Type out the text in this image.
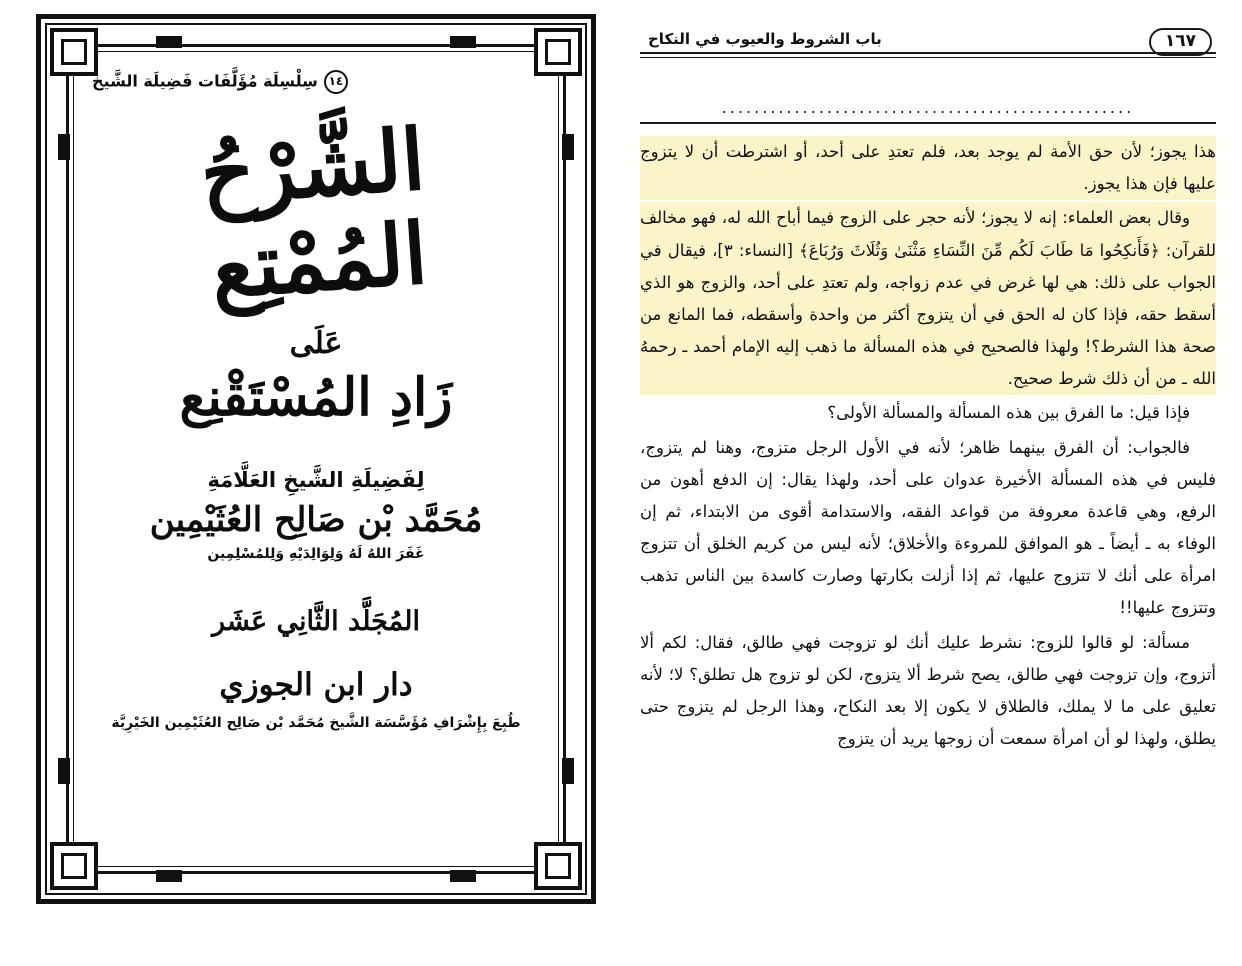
باب الشروط والعيوب في النكاح	١٦٧
...................................................

هذا يجوز؛ لأن حق الأمة لم يوجد بعد، فلم تعتدِ على أحد، أو اشترطت أن لا يتزوج عليها فإن هذا يجوز.

وقال بعض العلماء: إنه لا يجوز؛ لأنه حجر على الزوج فيما أباح الله له، فهو مخالف للقرآن: ﴿فَأَنكِحُوا مَا طَابَ لَكُم مِّنَ النِّسَاءِ مَثْنَىٰ وَثُلَاثَ وَرُبَاعَ﴾ [النساء: ٣]، فيقال في الجواب على ذلك: هي لها غرض في عدم زواجه، ولم تعتدِ على أحد، والزوج هو الذي أسقط حقه، فإذا كان له الحق في أن يتزوج أكثر من واحدة وأسقطه، فما المانع من صحة هذا الشرط؟! ولهذا فالصحيح في هذه المسألة ما ذهب إليه الإمام أحمد ـ رحمهُ الله ـ من أن ذلك شرط صحيح.

فإذا قيل: ما الفرق بين هذه المسألة والمسألة الأولى؟

فالجواب: أن الفرق بينهما ظاهر؛ لأنه في الأول الرجل متزوج، وهنا لم يتزوج، فليس في هذه المسألة الأخيرة عدوان على أحد، ولهذا يقال: إن الدفع أهون من الرفع، وهي قاعدة معروفة من قواعد الفقه، والاستدامة أقوى من الابتداء، ثم إن الوفاء به ـ أيضاً ـ هو الموافق للمروءة والأخلاق؛ لأنه ليس من كريم الخلق أن تتزوج امرأة على أنك لا تتزوج عليها، ثم إذا أزلت بكارتها وصارت كاسدة بين الناس تذهب وتتزوج عليها!!

مسألة: لو قالوا للزوج: نشرط عليك أنك لو تزوجت فهي طالق، فقال: لكم ألا أتزوج، وإن تزوجت فهي طالق، يصح شرط ألا يتزوج، لكن لو تزوج هل تطلق؟ لا؛ لأنه تعليق على ما لا يملك، فالطلاق لا يكون إلا بعد النكاح، وهذا الرجل لم يتزوج حتى يطلق، ولهذا لو أن امرأة سمعت أن زوجها يريد أن يتزوج

١٤سِلْسِلَة مُؤَلَّفَات فَضِيلَة الشَّيخ
الشَّرْحُ المُمْتِع
عَلَى
زَادِ المُسْتَقْنِع
لِفَضِيلَةِ الشَّيخِ العَلَّامَةِ
مُحَمَّد بْن صَالِح العُثَيْمِين
غَفَرَ اللهُ لَهُ وَلِوَالِدَيْهِ وَلِلمُسْلِمِين
المُجَلَّد الثَّانِي عَشَر
دار ابن الجوزي
طُبِعَ بِإِشْرَافِ مُؤَسَّسَة الشَّيخ مُحَمَّد بْن صَالِح العُثَيْمِين الخَيْرِيَّة
